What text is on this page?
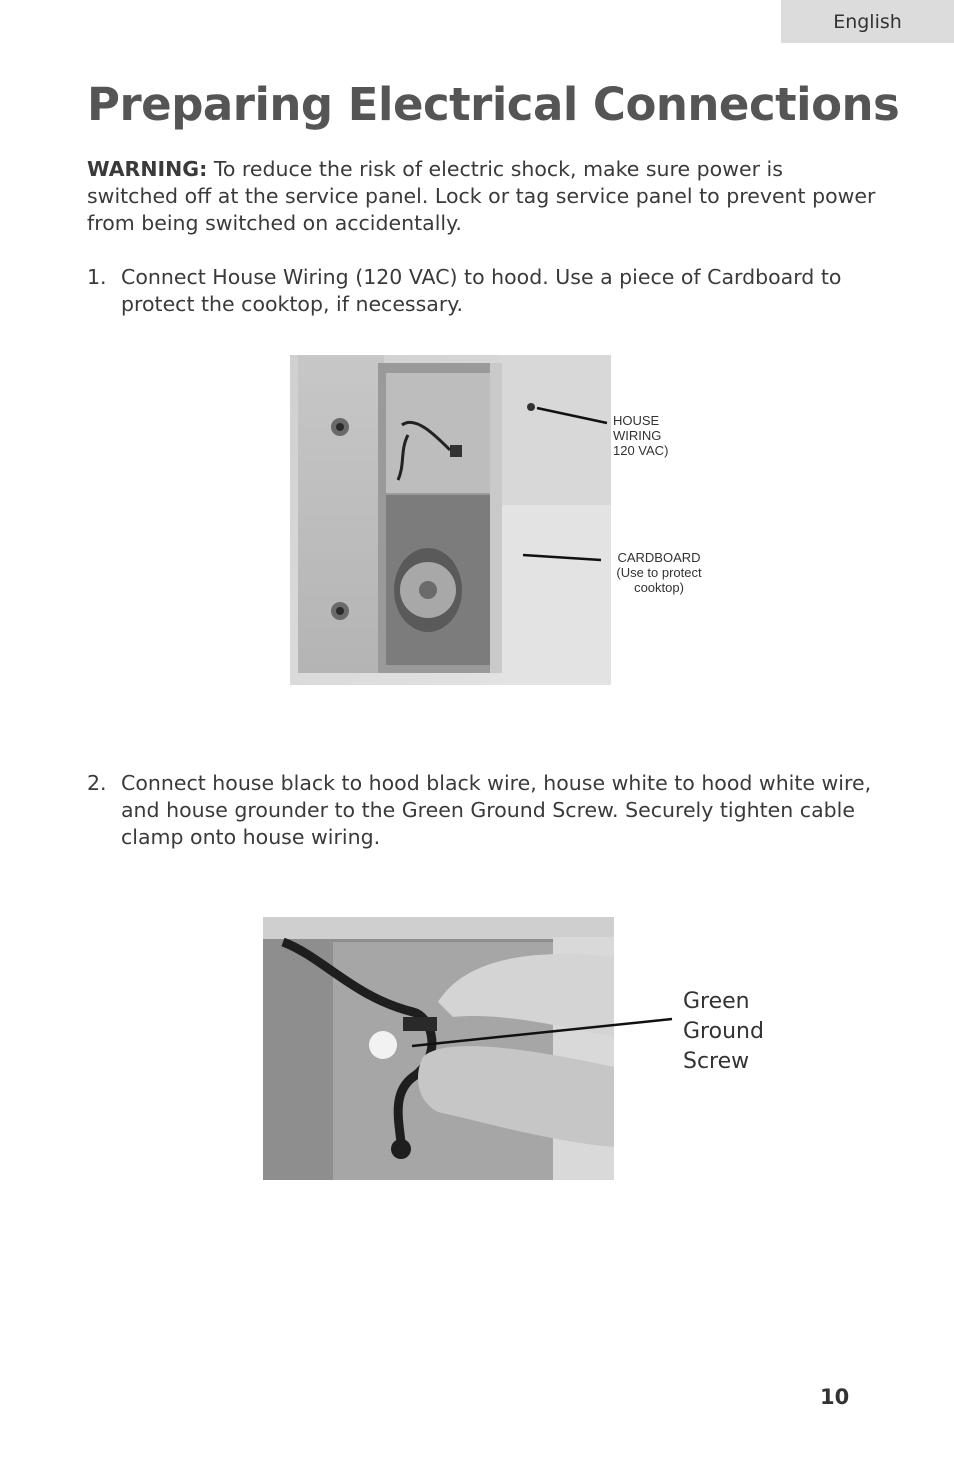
English
Preparing Electrical Connections
WARNING: To reduce the risk of electric shock, make sure power is switched off at the service panel. Lock or tag service panel to prevent power from being switched on accidentally.
1. Connect House Wiring (120 VAC) to hood. Use a piece of Cardboard to protect the cooktop, if necessary.
HOUSE
WIRING
120 VAC)
CARDBOARD
(Use to protect
cooktop)
2. Connect house black to hood black wire, house white to hood white wire, and house grounder to the Green Ground Screw. Securely tighten cable clamp onto house wiring.
Green
Ground
Screw
10
